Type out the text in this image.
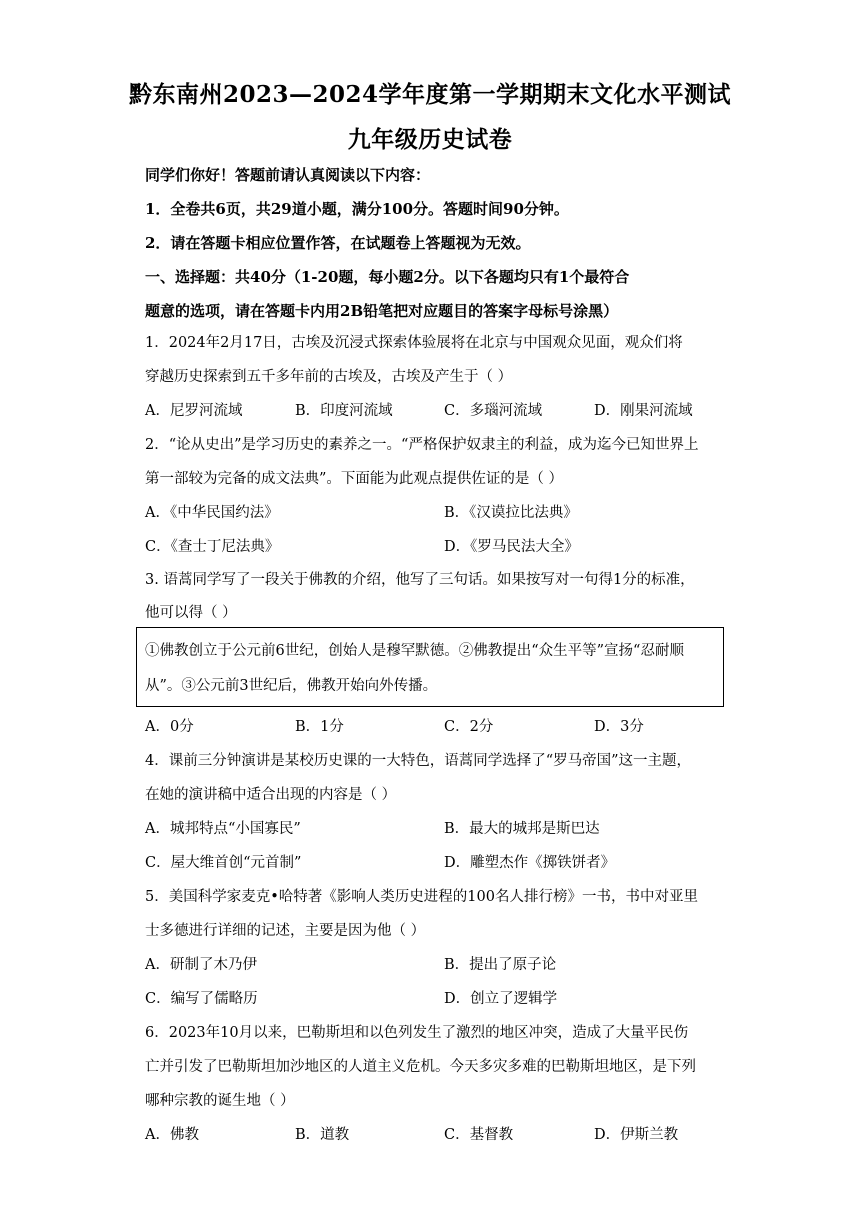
黔东南州2023—2024学年度第一学期期末文化水平测试
九年级历史试卷
同学们你好！答题前请认真阅读以下内容：
1．全卷共6页，共29道小题，满分100分。答题时间90分钟。
2．请在答题卡相应位置作答，在试题卷上答题视为无效。
一、选择题：共40分（1-20题，每小题2分。以下各题均只有1个最符合
题意的选项，请在答题卡内用2B铅笔把对应题目的答案字母标号涂黑）
1．2024年2月17日，古埃及沉浸式探索体验展将在北京与中国观众见面，观众们将
穿越历史探索到五千多年前的古埃及，古埃及产生于（ ）
A．尼罗河流域	B．印度河流域	C．多瑙河流域	D．刚果河流域
2．“论从史出”是学习历史的素养之一。“严格保护奴隶主的利益，成为迄今已知世界上
第一部较为完备的成文法典”。下面能为此观点提供佐证的是（ ）
A．《中华民国约法》	B．《汉谟拉比法典》
C．《查士丁尼法典》	D．《罗马民法大全》
3. 语蒿同学写了一段关于佛教的介绍，他写了三句话。如果按写对一句得1分的标准，
他可以得（ ）
①佛教创立于公元前6世纪，创始人是穆罕默德。②佛教提出“众生平等”宣扬“忍耐顺
从”。③公元前3世纪后，佛教开始向外传播。
A．0分	B．1分	C．2分	D．3分
4．课前三分钟演讲是某校历史课的一大特色，语蒿同学选择了“罗马帝国”这一主题，
在她的演讲稿中适合出现的内容是（ ）
A．城邦特点“小国寡民”	B．最大的城邦是斯巴达
C．屋大维首创“元首制”	D．雕塑杰作《掷铁饼者》
5．美国科学家麦克•哈特著《影响人类历史进程的100名人排行榜》一书，书中对亚里
士多德进行详细的记述，主要是因为他（ ）
A．研制了木乃伊	B．提出了原子论
C．编写了儒略历	D．创立了逻辑学
6．2023年10月以来，巴勒斯坦和以色列发生了激烈的地区冲突，造成了大量平民伤
亡并引发了巴勒斯坦加沙地区的人道主义危机。今天多灾多难的巴勒斯坦地区，是下列
哪种宗教的诞生地（ ）
A．佛教	B．道教	C．基督教	D．伊斯兰教
